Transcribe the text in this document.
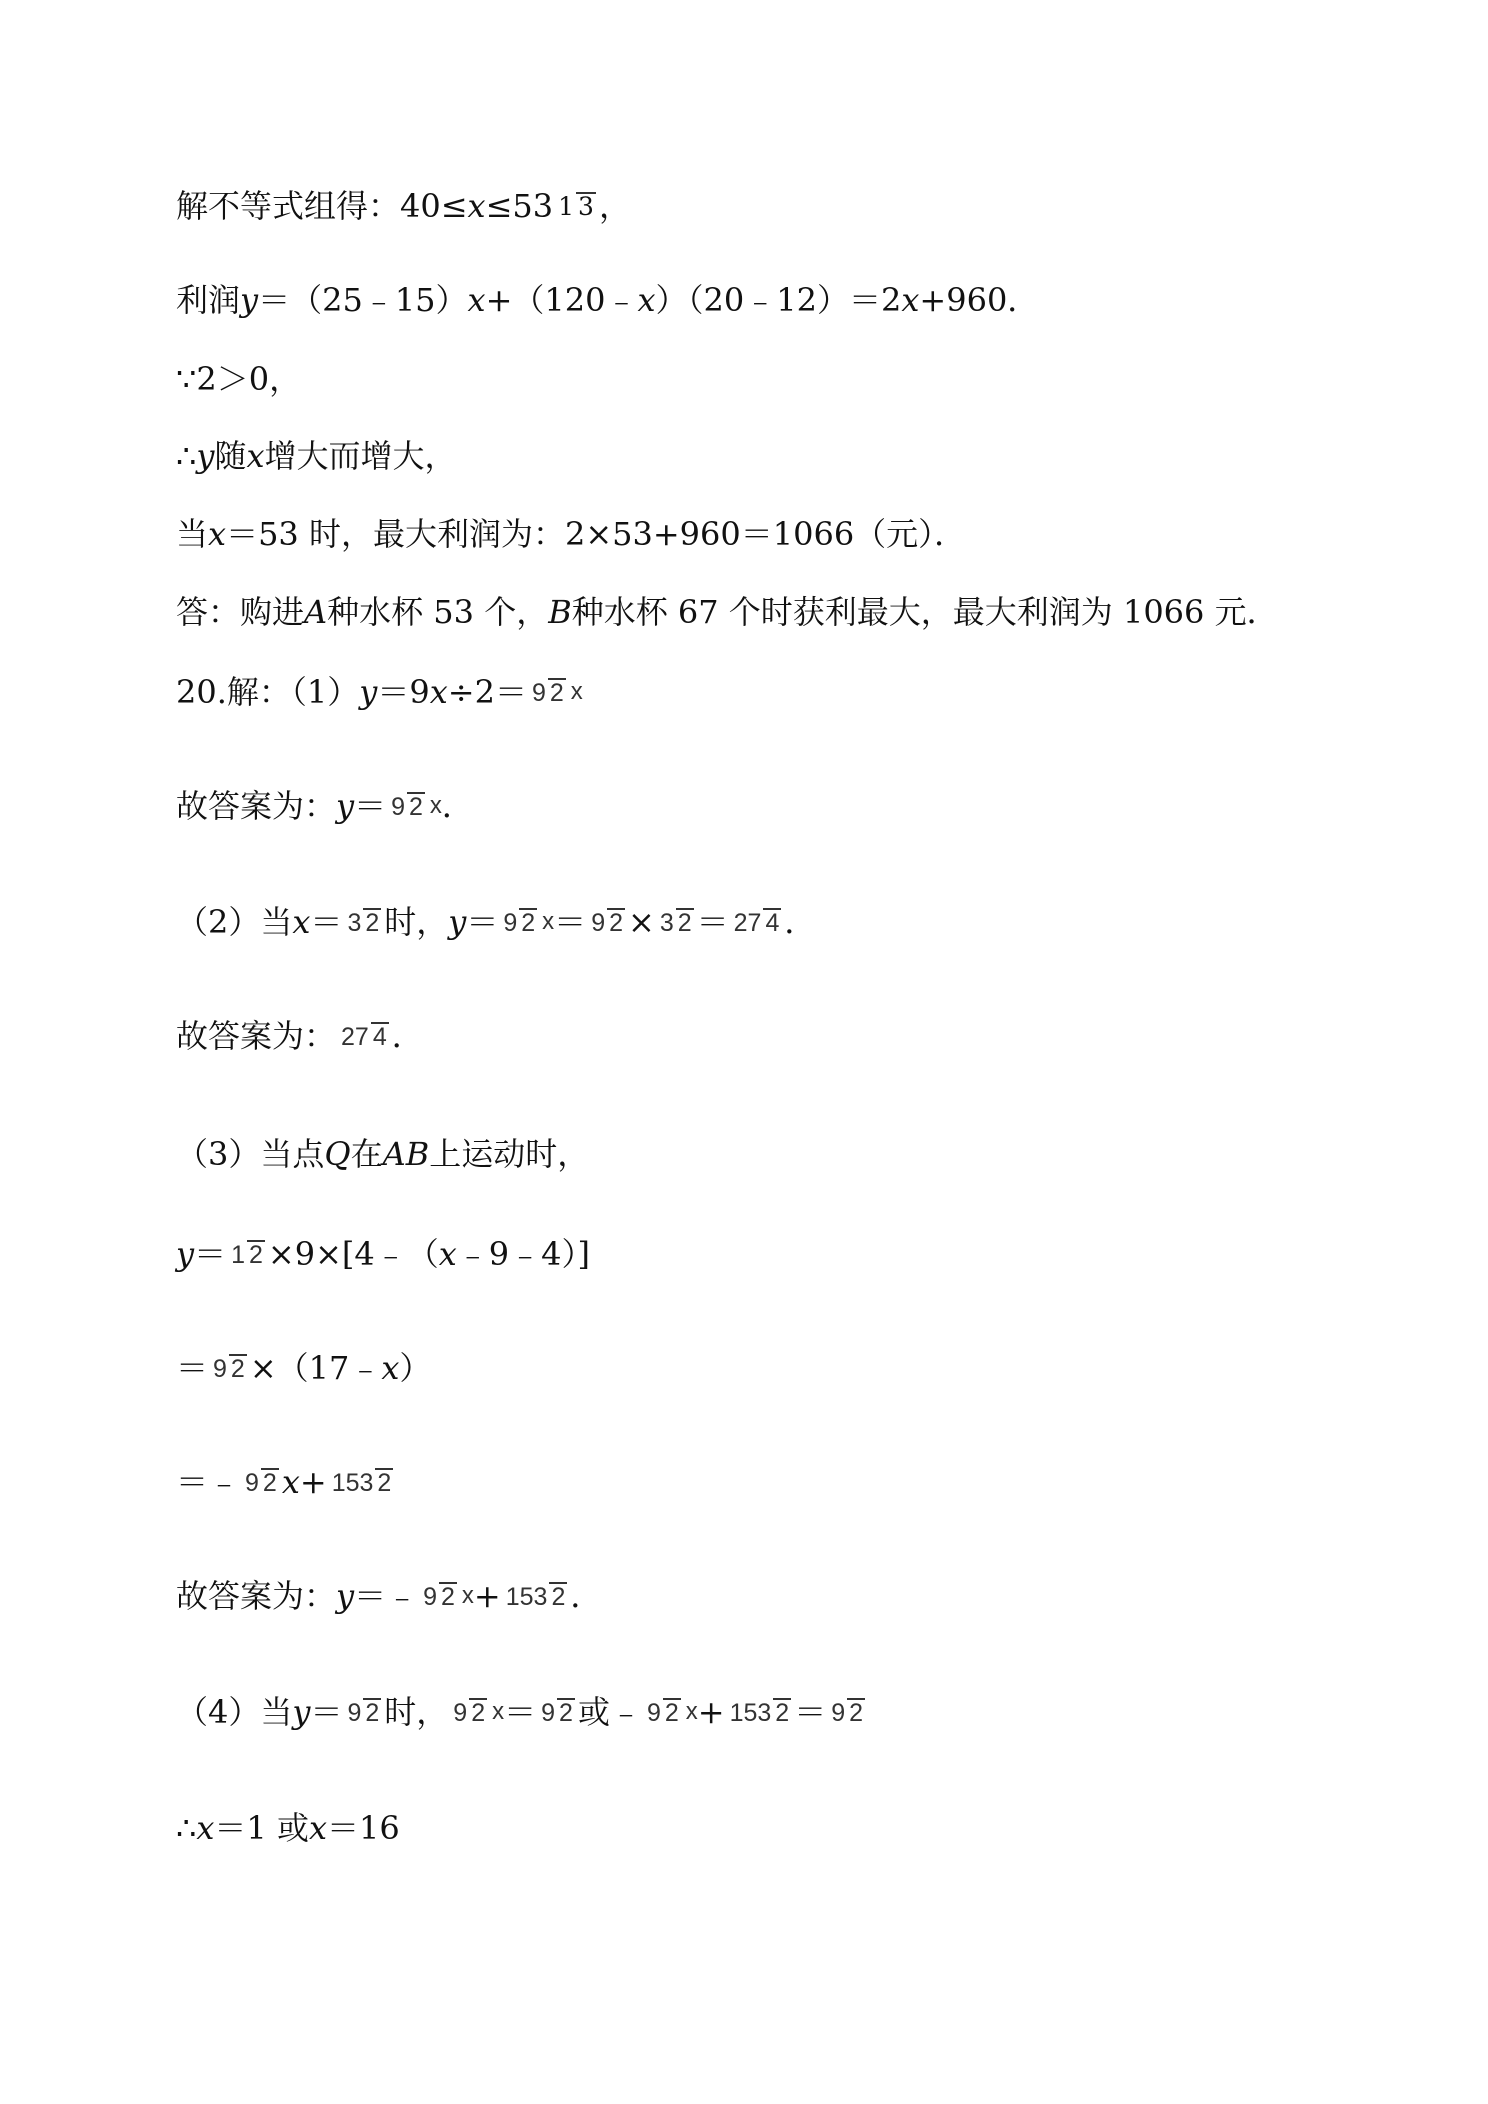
解不等式组得：40≤ x ≤53 1 3 ，
利润 y ＝（25﹣15） x +（120﹣ x ）（20﹣12）＝2 x +960．
∵2＞0，
∴ y 随 x 增大而增大，
当 x ＝53 时，最大利润为：2×53+960＝1066（元）．
答：购进 A 种水杯 53 个， B 种水杯 67 个时获利最大，最大利润为 1066 元．
20.解：（1） y ＝9 x ÷2＝ 9 2 x
故答案为： y ＝ 9 2 x ．
（2）当 x ＝ 3 2 时， y ＝ 9 2 x ＝ 9 2 × 3 2 ＝ 27 4 ．
故答案为： 27 4 ．
（3）当点 Q 在 AB 上运动时，
y ＝ 1 2 ×9×[4﹣（ x ﹣9﹣4）]
＝ 9 2 ×（17﹣ x ）
＝﹣ 9 2 x + 153 2
故答案为： y ＝﹣ 9 2 x + 153 2 ．
（4）当 y ＝ 9 2 时， 9 2 x ＝ 9 2 或﹣ 9 2 x + 153 2 ＝ 9 2
∴ x ＝1 或 x ＝16
